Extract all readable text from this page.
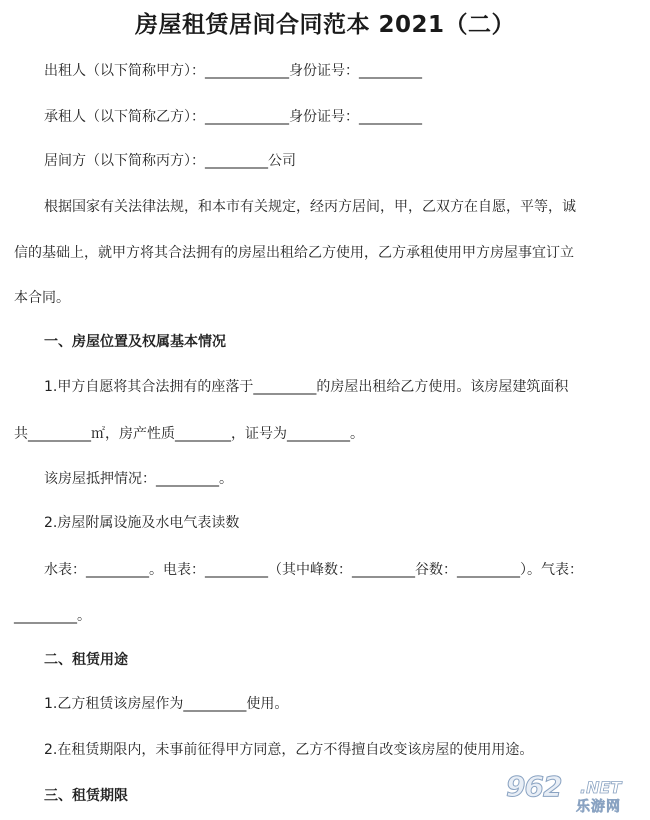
房屋租赁居间合同范本 2021（二）
出租人（以下简称甲方）：____________身份证号：_________
承租人（以下简称乙方）：____________身份证号：_________
居间方（以下简称丙方）：_________公司
根据国家有关法律法规，和本市有关规定，经丙方居间，甲，乙双方在自愿，平等，诚
信的基础上，就甲方将其合法拥有的房屋出租给乙方使用，乙方承租使用甲方房屋事宜订立
本合同。
一、房屋位置及权属基本情况
1.甲方自愿将其合法拥有的座落于_________的房屋出租给乙方使用。该房屋建筑面积
共_________㎡，房产性质________，证号为_________。
该房屋抵押情况：_________。
2.房屋附属设施及水电气表读数
水表：_________。电表：_________（其中峰数：_________谷数：_________）。气表：
_________。
二、租赁用途
1.乙方租赁该房屋作为_________使用。
2.在租赁期限内，未事前征得甲方同意，乙方不得擅自改变该房屋的使用用途。
三、租赁期限	962 .NET
乐游网
